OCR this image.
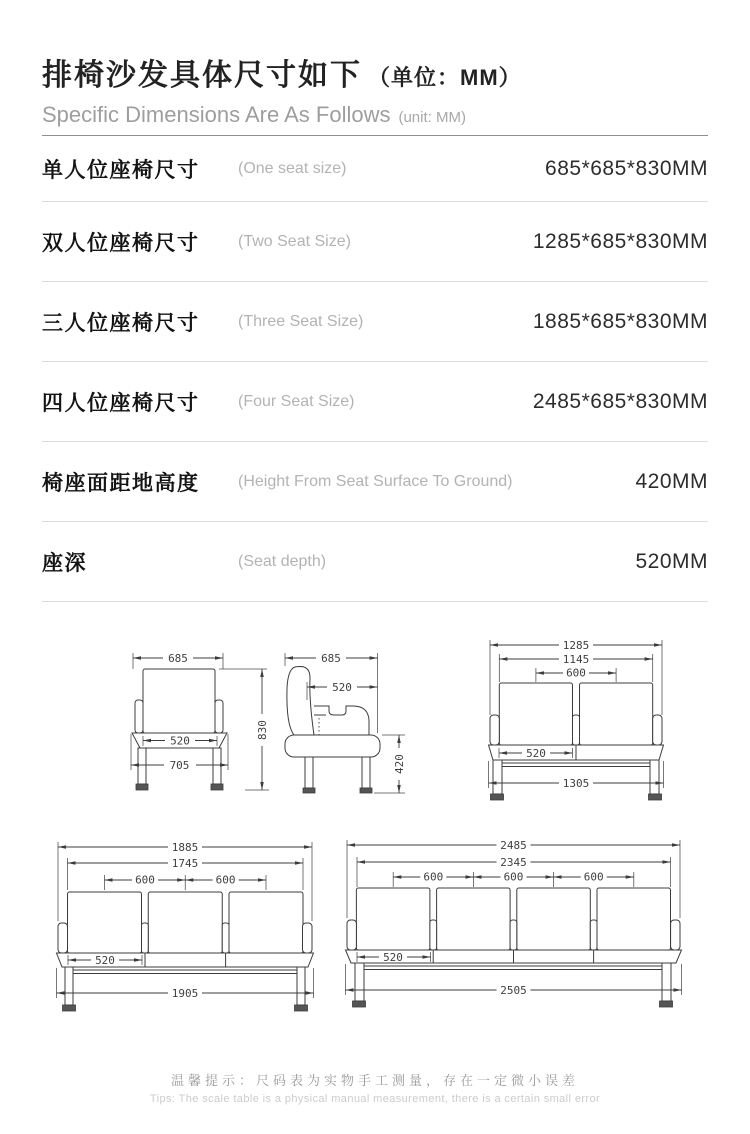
排椅沙发具体尺寸如下 （单位：MM）
Specific Dimensions Are As Follows (unit: MM)
单人位座椅尺寸	(One seat size)	685*685*830MM
双人位座椅尺寸	(Two Seat Size)	1285*685*830MM
三人位座椅尺寸	(Three Seat Size)	1885*685*830MM
四人位座椅尺寸	(Four Seat Size)	2485*685*830MM
椅座面距地高度	(Height From Seat Surface To Ground)	420MM
座深	(Seat depth)	520MM
685
520
705
830
685
520
420
1285
1145
600
520
1305
1885
1745
600	600
520
1905
2485
2345
600	600	600
520
2505
温馨提示：尺码表为实物手工测量，存在一定微小误差
Tips: The scale table is a physical manual measurement, there is a certain small error
